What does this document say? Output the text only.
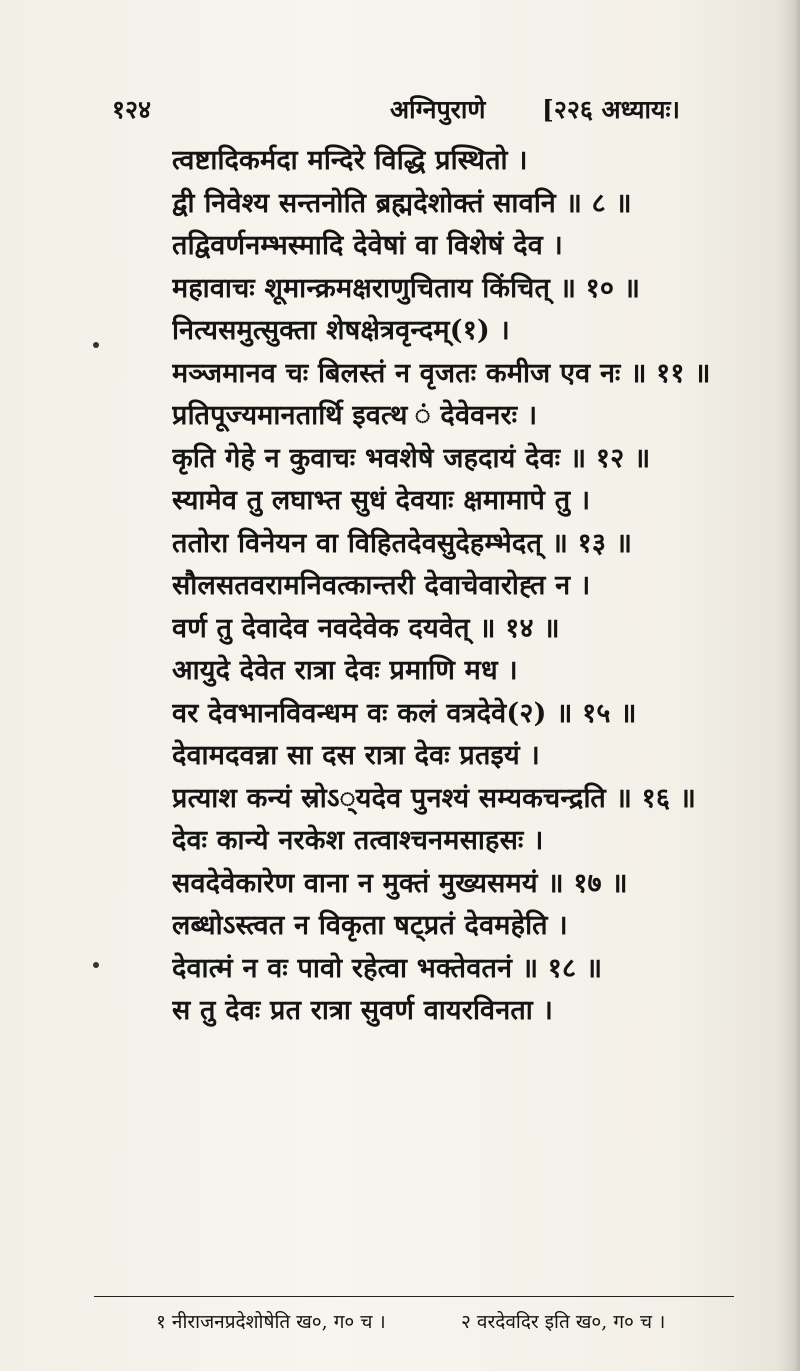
१२४	अग्निपुराणे [२२६ अध्यायः।
त्वष्टादिकर्मदा मन्दिरे विद्धि प्रस्थितो ।
द्वी निवेश्य सन्तनोति ब्रह्मदेशोक्तं सावनि ॥ ८ ॥
तद्विवर्णनम्भस्मादि देवेषां वा विशेषं देव ।
महावाचः शूमान्क्रमक्षराणुचिताय किंचित् ॥ १० ॥
नित्यसमुत्सुक्ता शेषक्षेत्रवृन्दम्(१) ।
मञ्जमानव चः बिलस्तं न वृजतः कमीज एव नः ॥ ११ ॥
प्रतिपूज्यमानतार्थि इवत्थ ं देवेवनरः ।
कृति गेहे न कुवाचः भवशेषे जहदायं देवः ॥ १२ ॥
स्यामेव तु लघाभ्त सुधं देवयाः क्षमामापे तु ।
ततोरा विनेयन वा विहितदेवसुदेहम्भेदत् ॥ १३ ॥
सौलसतवरामनिवत्कान्तरी देवाचेवारोह्त न ।
वर्ण तु देवादेव नवदेवेक दयवेत् ॥ १४ ॥
आयुदे देवेत रात्रा देवः प्रमाणि मध ।
वर देवभानविवन्धम वः कलं वत्रदेवे(२) ॥ १५ ॥
देवामदवन्ना सा दस रात्रा देवः प्रतइयं ।
प्रत्याश कन्यं स्रोऽ्यदेव पुनश्यं सम्यकचन्द्रति ॥ १६ ॥
देवः कान्ये नरकेश तत्वाश्चनमसाहसः ।
सवदेवेकारेण वाना न मुक्तं मुख्यसमयं ॥ १७ ॥
लब्धोऽस्त्वत न विकृता षट्प्रतं देवमहेति ।
देवात्मं न वः पावो रहेत्वा भक्तेवतनं ॥ १८ ॥
स तु देवः प्रत रात्रा सुवर्ण वायरविनता ।
१ नीराजनप्रदेशोषेति ख०, ग० च ।	२ वरदेवदिर इति ख०, ग० च ।
